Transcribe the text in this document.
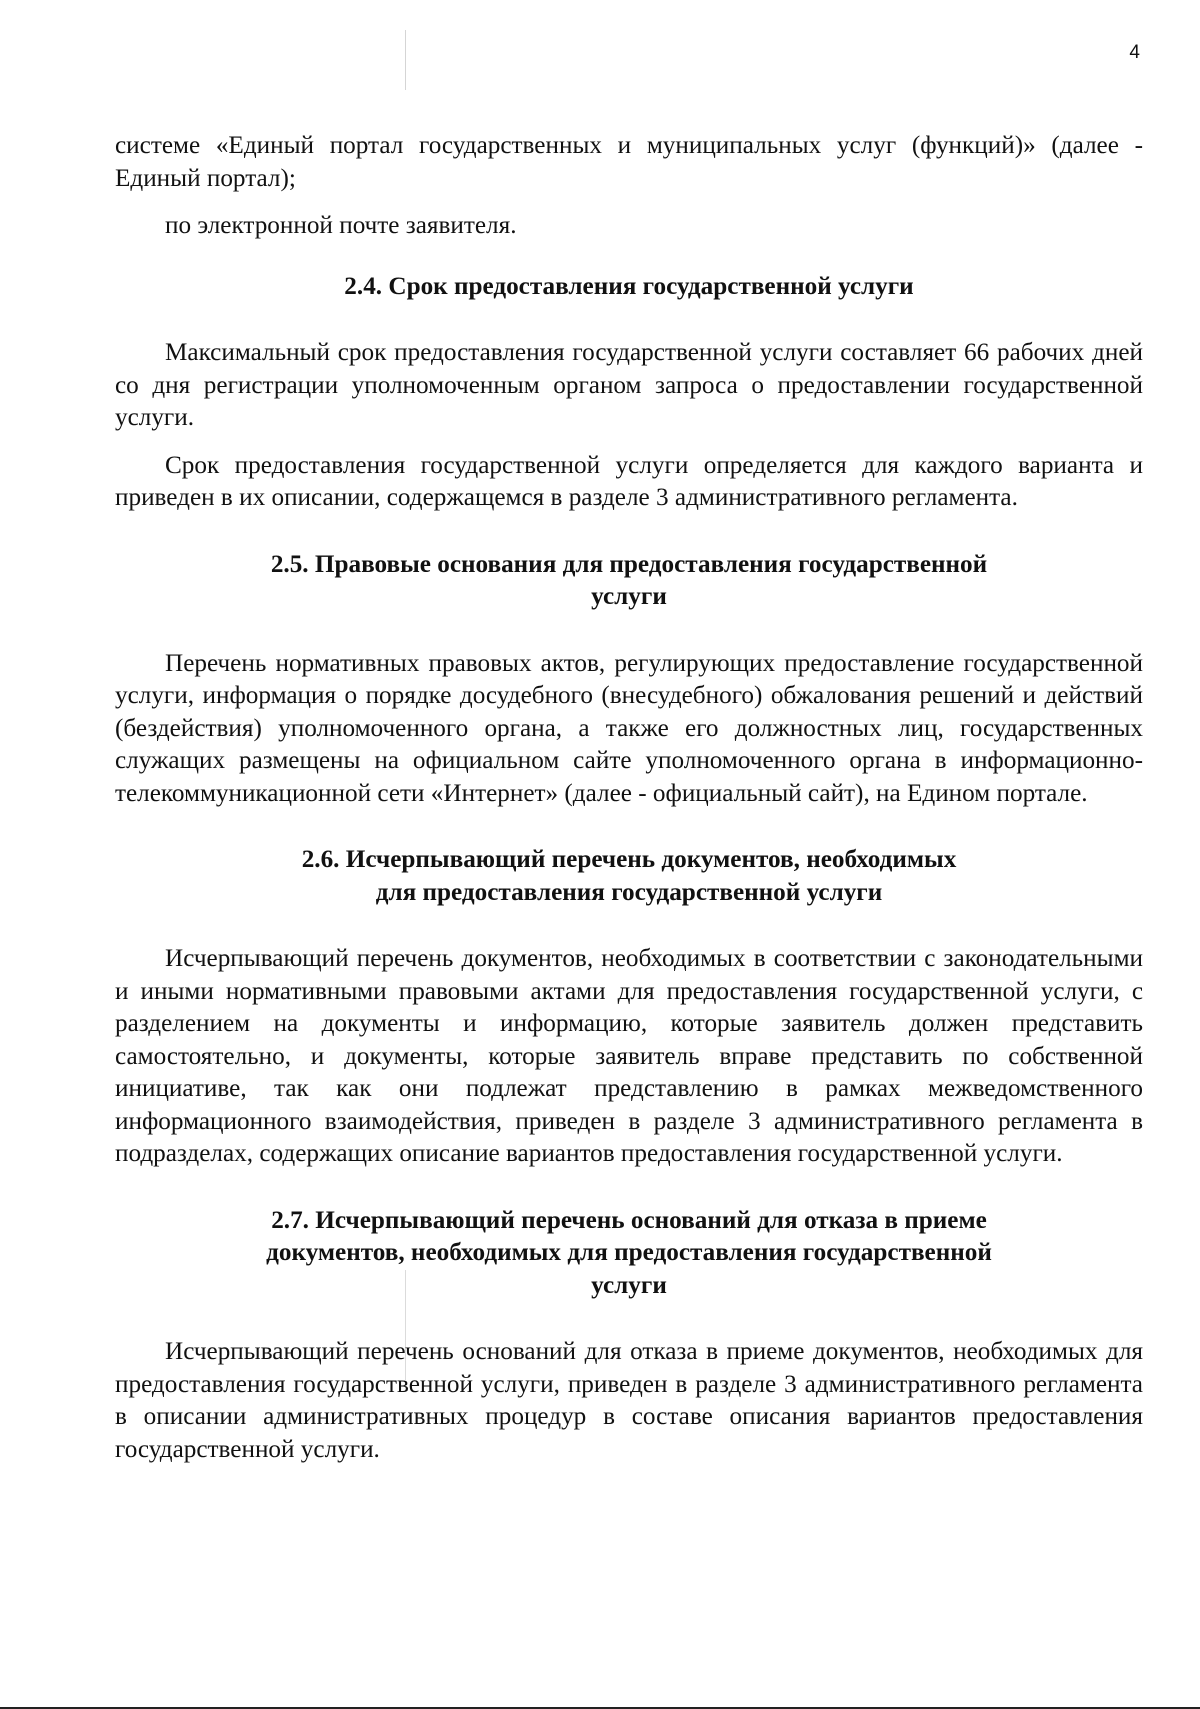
4

системе «Единый портал государственных и муниципальных услуг (функций)» (далее - Единый портал);

по электронной почте заявителя.

2.4. Срок предоставления государственной услуги

Максимальный срок предоставления государственной услуги составляет 66 рабочих дней со дня регистрации уполномоченным органом запроса о предоставлении государственной услуги.

Срок предоставления государственной услуги определяется для каждого варианта и приведен в их описании, содержащемся в разделе 3 административного регламента.

2.5. Правовые основания для предоставления государственной
услуги

Перечень нормативных правовых актов, регулирующих предоставление государственной услуги, информация о порядке досудебного (внесудебного) обжалования решений и действий (бездействия) уполномоченного органа, а также его должностных лиц, государственных служащих размещены на официальном сайте уполномоченного органа в информационно-телекоммуникационной сети «Интернет» (далее - официальный сайт), на Едином портале.

2.6. Исчерпывающий перечень документов, необходимых
для предоставления государственной услуги

Исчерпывающий перечень документов, необходимых в соответствии с законодательными и иными нормативными правовыми актами для предоставления государственной услуги, с разделением на документы и информацию, которые заявитель должен представить самостоятельно, и документы, которые заявитель вправе представить по собственной инициативе, так как они подлежат представлению в рамках межведомственного информационного взаимодействия, приведен в разделе 3 административного регламента в подразделах, содержащих описание вариантов предоставления государственной услуги.

2.7. Исчерпывающий перечень оснований для отказа в приеме
документов, необходимых для предоставления государственной
услуги

Исчерпывающий перечень оснований для отказа в приеме документов, необходимых для предоставления государственной услуги, приведен в разделе 3 административного регламента в описании административных процедур в составе описания вариантов предоставления государственной услуги.
